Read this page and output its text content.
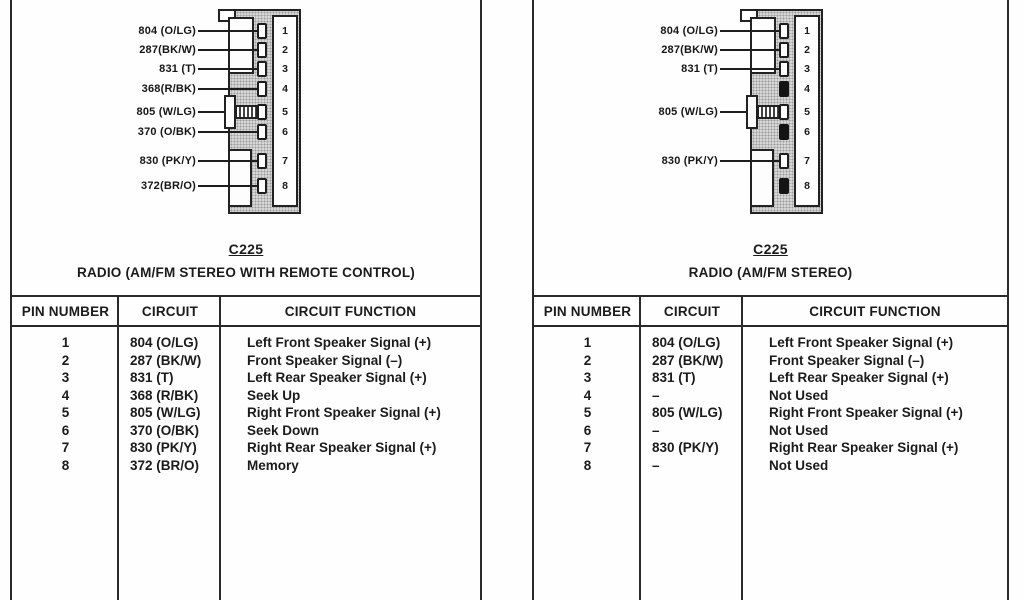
804 (O/LG)	1
287(BK/W)	2
831 (T)	3
368(R/BK)	4
805 (W/LG)	5
370 (O/BK)	6
830 (PK/Y)	7
372(BR/O)	8
C225
RADIO (AM/FM STEREO WITH REMOTE CONTROL)
PIN NUMBER	CIRCUIT	CIRCUIT FUNCTION
1	804 (O/LG)	Left Front Speaker Signal (+)
2	287 (BK/W)	Front Speaker Signal (–)
3	831 (T)	Left Rear Speaker Signal (+)
4	368 (R/BK)	Seek Up
5	805 (W/LG)	Right Front Speaker Signal (+)
6	370 (O/BK)	Seek Down
7	830 (PK/Y)	Right Rear Speaker Signal (+)
8	372 (BR/O)	Memory
804 (O/LG)	1
287(BK/W)	2
831 (T)	3
4
805 (W/LG)	5
6
830 (PK/Y)	7
8
C225
RADIO (AM/FM STEREO)
PIN NUMBER	CIRCUIT	CIRCUIT FUNCTION
1	804 (O/LG)	Left Front Speaker Signal (+)
2	287 (BK/W)	Front Speaker Signal (–)
3	831 (T)	Left Rear Speaker Signal (+)
4	–	Not Used
5	805 (W/LG)	Right Front Speaker Signal (+)
6	–	Not Used
7	830 (PK/Y)	Right Rear Speaker Signal (+)
8	–	Not Used
